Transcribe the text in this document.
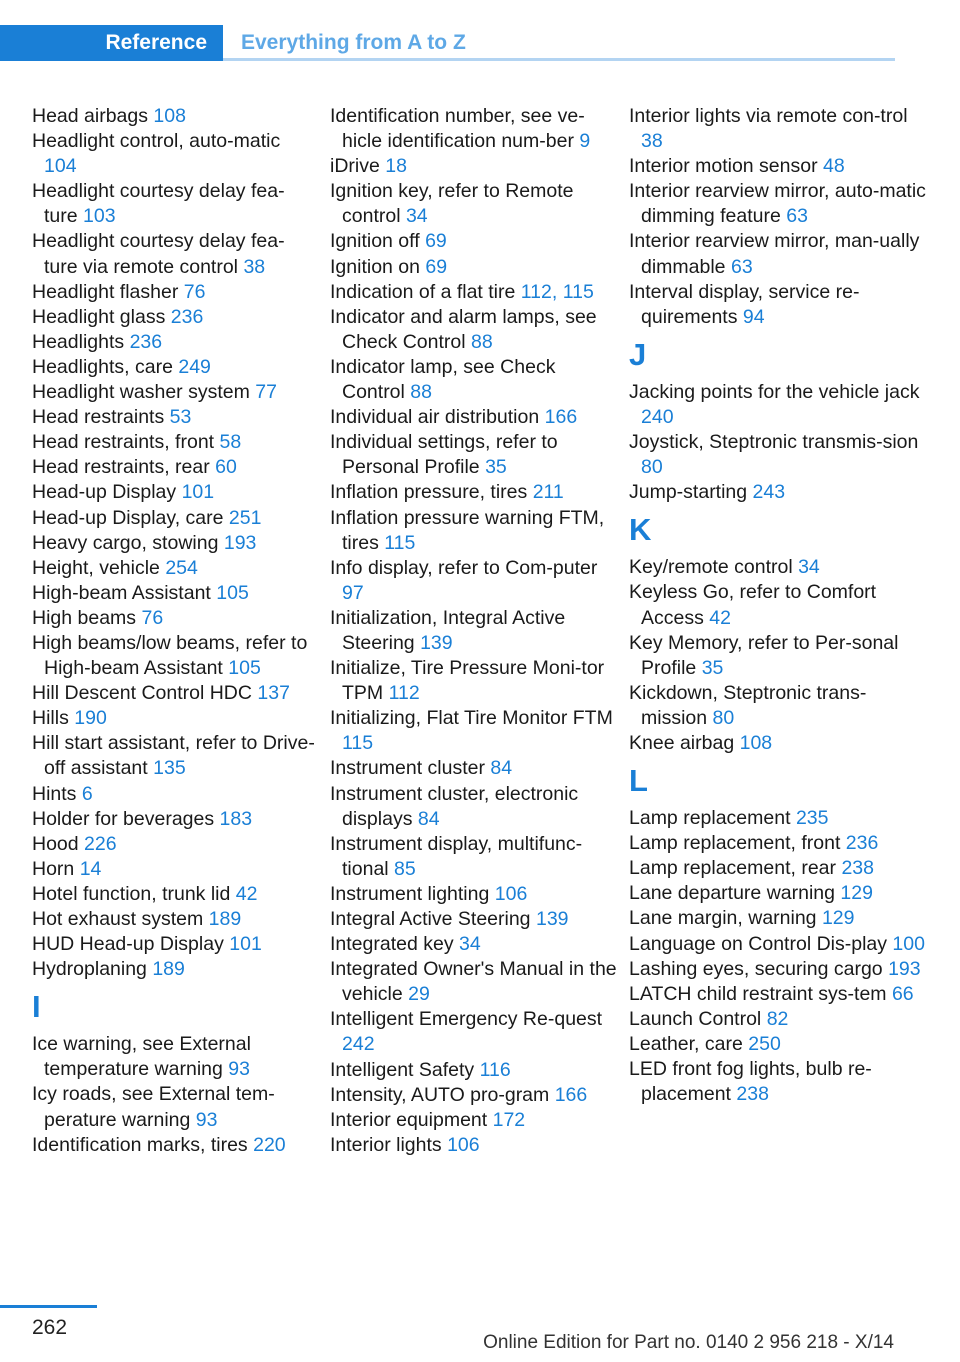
Reference	Everything from A to Z
Head airbags 108
Headlight control, auto-matic 104
Headlight courtesy delay fea-ture 103
Headlight courtesy delay fea-ture via remote control 38
Headlight flasher 76
Headlight glass 236
Headlights 236
Headlights, care 249
Headlight washer system 77
Head restraints 53
Head restraints, front 58
Head restraints, rear 60
Head-up Display 101
Head-up Display, care 251
Heavy cargo, stowing 193
Height, vehicle 254
High-beam Assistant 105
High beams 76
High beams/low beams, refer to High-beam Assistant 105
Hill Descent Control HDC 137
Hills 190
Hill start assistant, refer to Drive-off assistant 135
Hints 6
Holder for beverages 183
Hood 226
Horn 14
Hotel function, trunk lid 42
Hot exhaust system 189
HUD Head-up Display 101
Hydroplaning 189
I
Ice warning, see External temperature warning 93
Icy roads, see External tem-perature warning 93
Identification marks, tires 220
Identification number, see ve-hicle identification num-ber 9
iDrive 18
Ignition key, refer to Remote control 34
Ignition off 69
Ignition on 69
Indication of a flat tire 112, 115
Indicator and alarm lamps, see Check Control 88
Indicator lamp, see Check Control 88
Individual air distribution 166
Individual settings, refer to Personal Profile 35
Inflation pressure, tires 211
Inflation pressure warning FTM, tires 115
Info display, refer to Com-puter 97
Initialization, Integral Active Steering 139
Initialize, Tire Pressure Moni-tor TPM 112
Initializing, Flat Tire Monitor FTM 115
Instrument cluster 84
Instrument cluster, electronic displays 84
Instrument display, multifunc-tional 85
Instrument lighting 106
Integral Active Steering 139
Integrated key 34
Integrated Owner's Manual in the vehicle 29
Intelligent Emergency Re-quest 242
Intelligent Safety 116
Intensity, AUTO pro-gram 166
Interior equipment 172
Interior lights 106
Interior lights via remote con-trol 38
Interior motion sensor 48
Interior rearview mirror, auto-matic dimming feature 63
Interior rearview mirror, man-ually dimmable 63
Interval display, service re-quirements 94
J
Jacking points for the vehicle jack 240
Joystick, Steptronic transmis-sion 80
Jump-starting 243
K
Key/remote control 34
Keyless Go, refer to Comfort Access 42
Key Memory, refer to Per-sonal Profile 35
Kickdown, Steptronic trans-mission 80
Knee airbag 108
L
Lamp replacement 235
Lamp replacement, front 236
Lamp replacement, rear 238
Lane departure warning 129
Lane margin, warning 129
Language on Control Dis-play 100
Lashing eyes, securing cargo 193
LATCH child restraint sys-tem 66
Launch Control 82
Leather, care 250
LED front fog lights, bulb re-placement 238
262
Online Edition for Part no. 0140 2 956 218 - X/14
